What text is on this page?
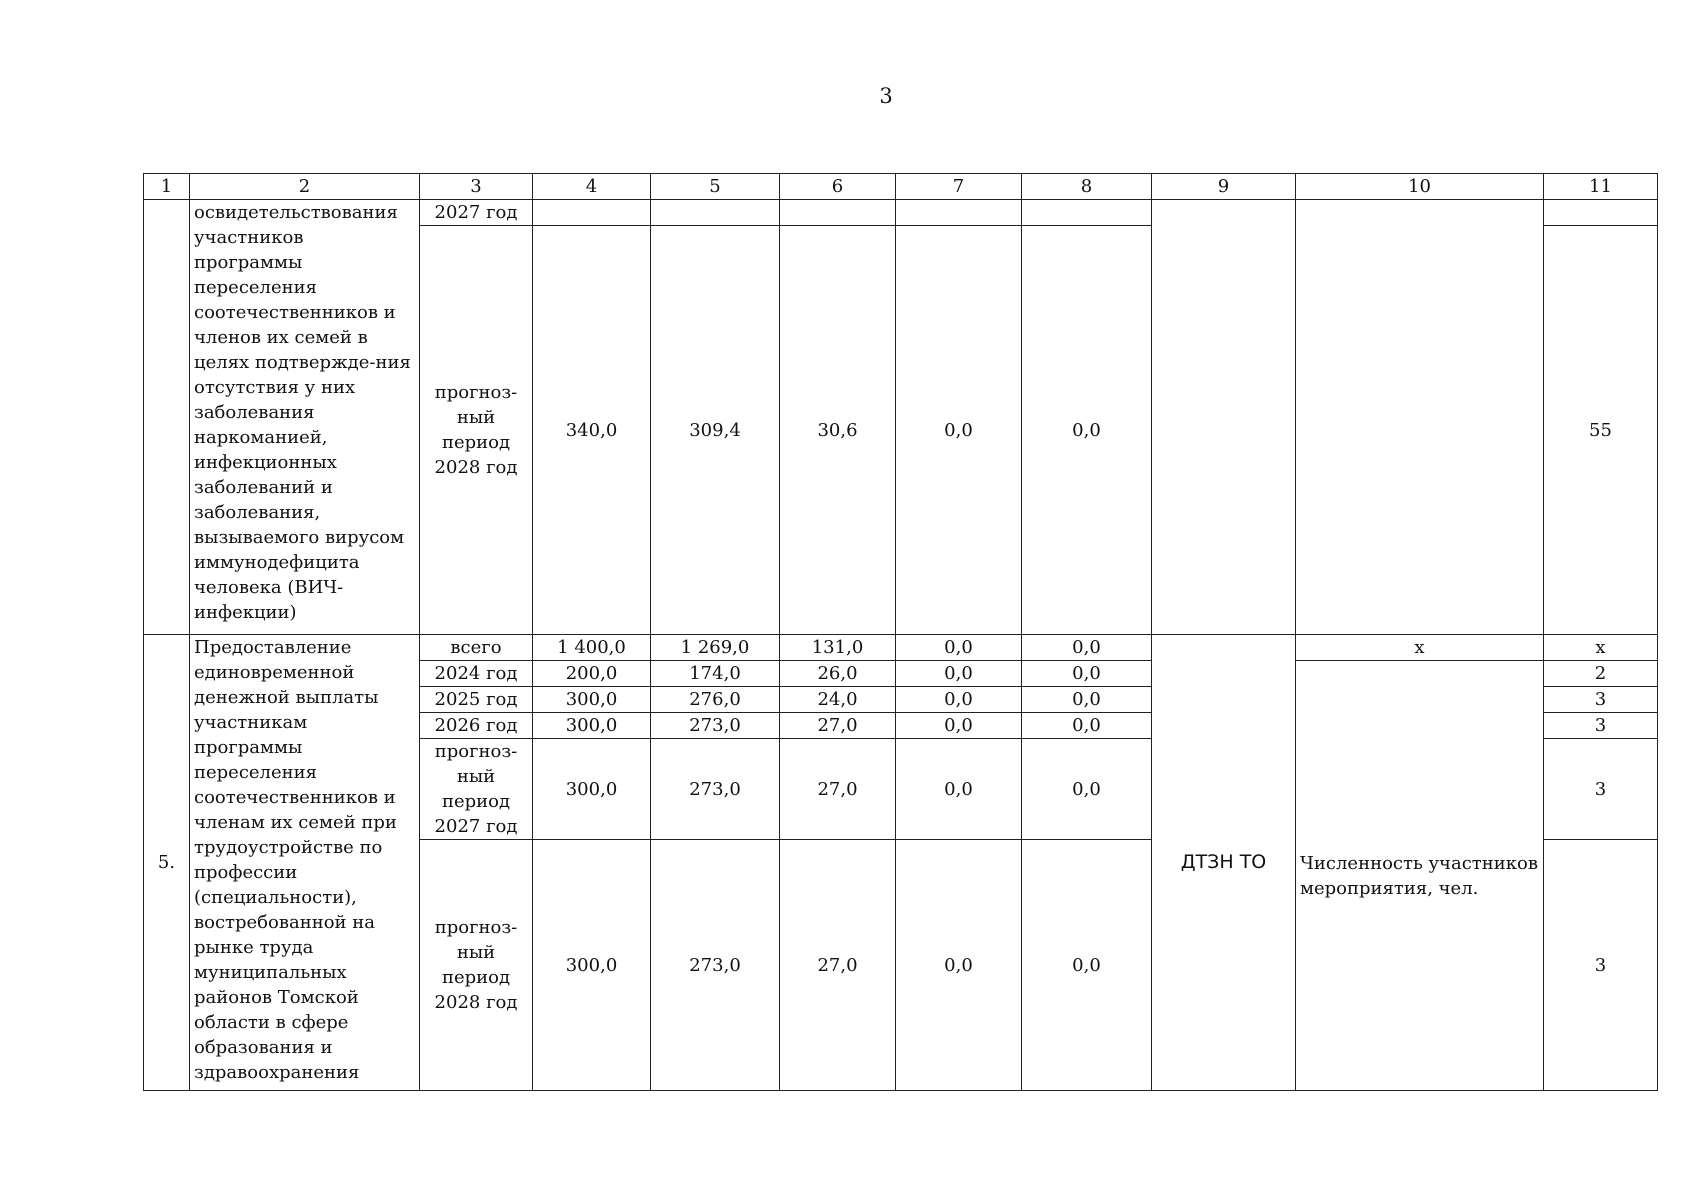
3
1	2	3	4	5	6	7	8	9	10	11
	освидетельствования участников программы переселения соотечественников и членов их семей в целях подтвержде-ния отсутствия у них заболевания наркоманией, инфекционных заболеваний и заболевания, вызываемого вирусом иммунодефицита человека (ВИЧ-инфекции)	2027 год								
		прогноз-ный период 2028 год	340,0	309,4	30,6	0,0	0,0			55
5.	Предоставление единовременной денежной выплаты участникам программы переселения соотечественников и членам их семей при трудоустройстве по профессии (специальности), востребованной на рынке труда муниципальных районов Томской области в сфере образования и здравоохранения	всего	1 400,0	1 269,0	131,0	0,0	0,0	ДТЗН ТО	х	х
		2024 год	200,0	174,0	26,0	0,0	0,0		Численность участников мероприятия, чел.	2
		2025 год	300,0	276,0	24,0	0,0	0,0			3
		2026 год	300,0	273,0	27,0	0,0	0,0			3
		прогноз-ный период 2027 год	300,0	273,0	27,0	0,0	0,0			3
		прогноз-ный период 2028 год	300,0	273,0	27,0	0,0	0,0			3
